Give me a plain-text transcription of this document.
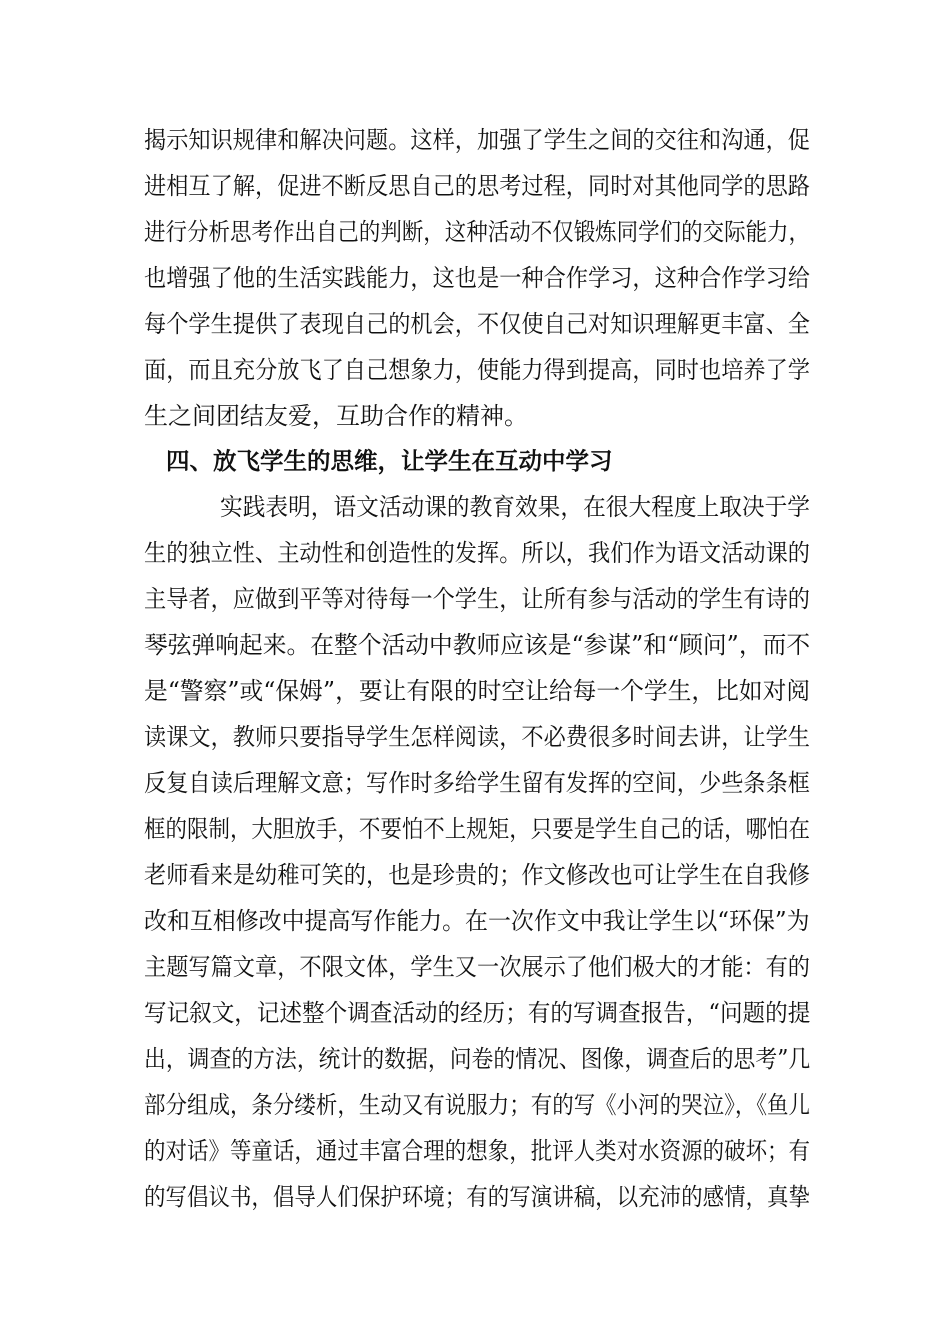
揭示知识规律和解决问题。这样，加强了学生之间的交往和沟通，促
进相互了解，促进不断反思自己的思考过程，同时对其他同学的思路
进行分析思考作出自己的判断，这种活动不仅锻炼同学们的交际能力，
也增强了他的生活实践能力，这也是一种合作学习，这种合作学习给
每个学生提供了表现自己的机会，不仅使自己对知识理解更丰富、全
面，而且充分放飞了自己想象力，使能力得到提高，同时也培养了学
生之间团结友爱，互助合作的精神。
四、放飞学生的思维，让学生在互动中学习
实践表明，语文活动课的教育效果，在很大程度上取决于学
生的独立性、主动性和创造性的发挥。所以，我们作为语文活动课的
主导者，应做到平等对待每一个学生，让所有参与活动的学生有诗的
琴弦弹响起来。在整个活动中教师应该是“参谋”和“顾问”，而不
是“警察”或“保姆”，要让有限的时空让给每一个学生，比如对阅
读课文，教师只要指导学生怎样阅读，不必费很多时间去讲，让学生
反复自读后理解文意；写作时多给学生留有发挥的空间，少些条条框
框的限制，大胆放手，不要怕不上规矩，只要是学生自己的话，哪怕在
老师看来是幼稚可笑的，也是珍贵的；作文修改也可让学生在自我修
改和互相修改中提高写作能力。在一次作文中我让学生以“环保”为
主题写篇文章，不限文体，学生又一次展示了他们极大的才能：有的
写记叙文，记述整个调查活动的经历；有的写调查报告，“问题的提
出，调查的方法，统计的数据，问卷的情况、图像，调查后的思考”几
部分组成，条分缕析，生动又有说服力；有的写《小河的哭泣》，《鱼儿
的对话》等童话，通过丰富合理的想象，批评人类对水资源的破坏；有
的写倡议书，倡导人们保护环境；有的写演讲稿，以充沛的感情，真挚
